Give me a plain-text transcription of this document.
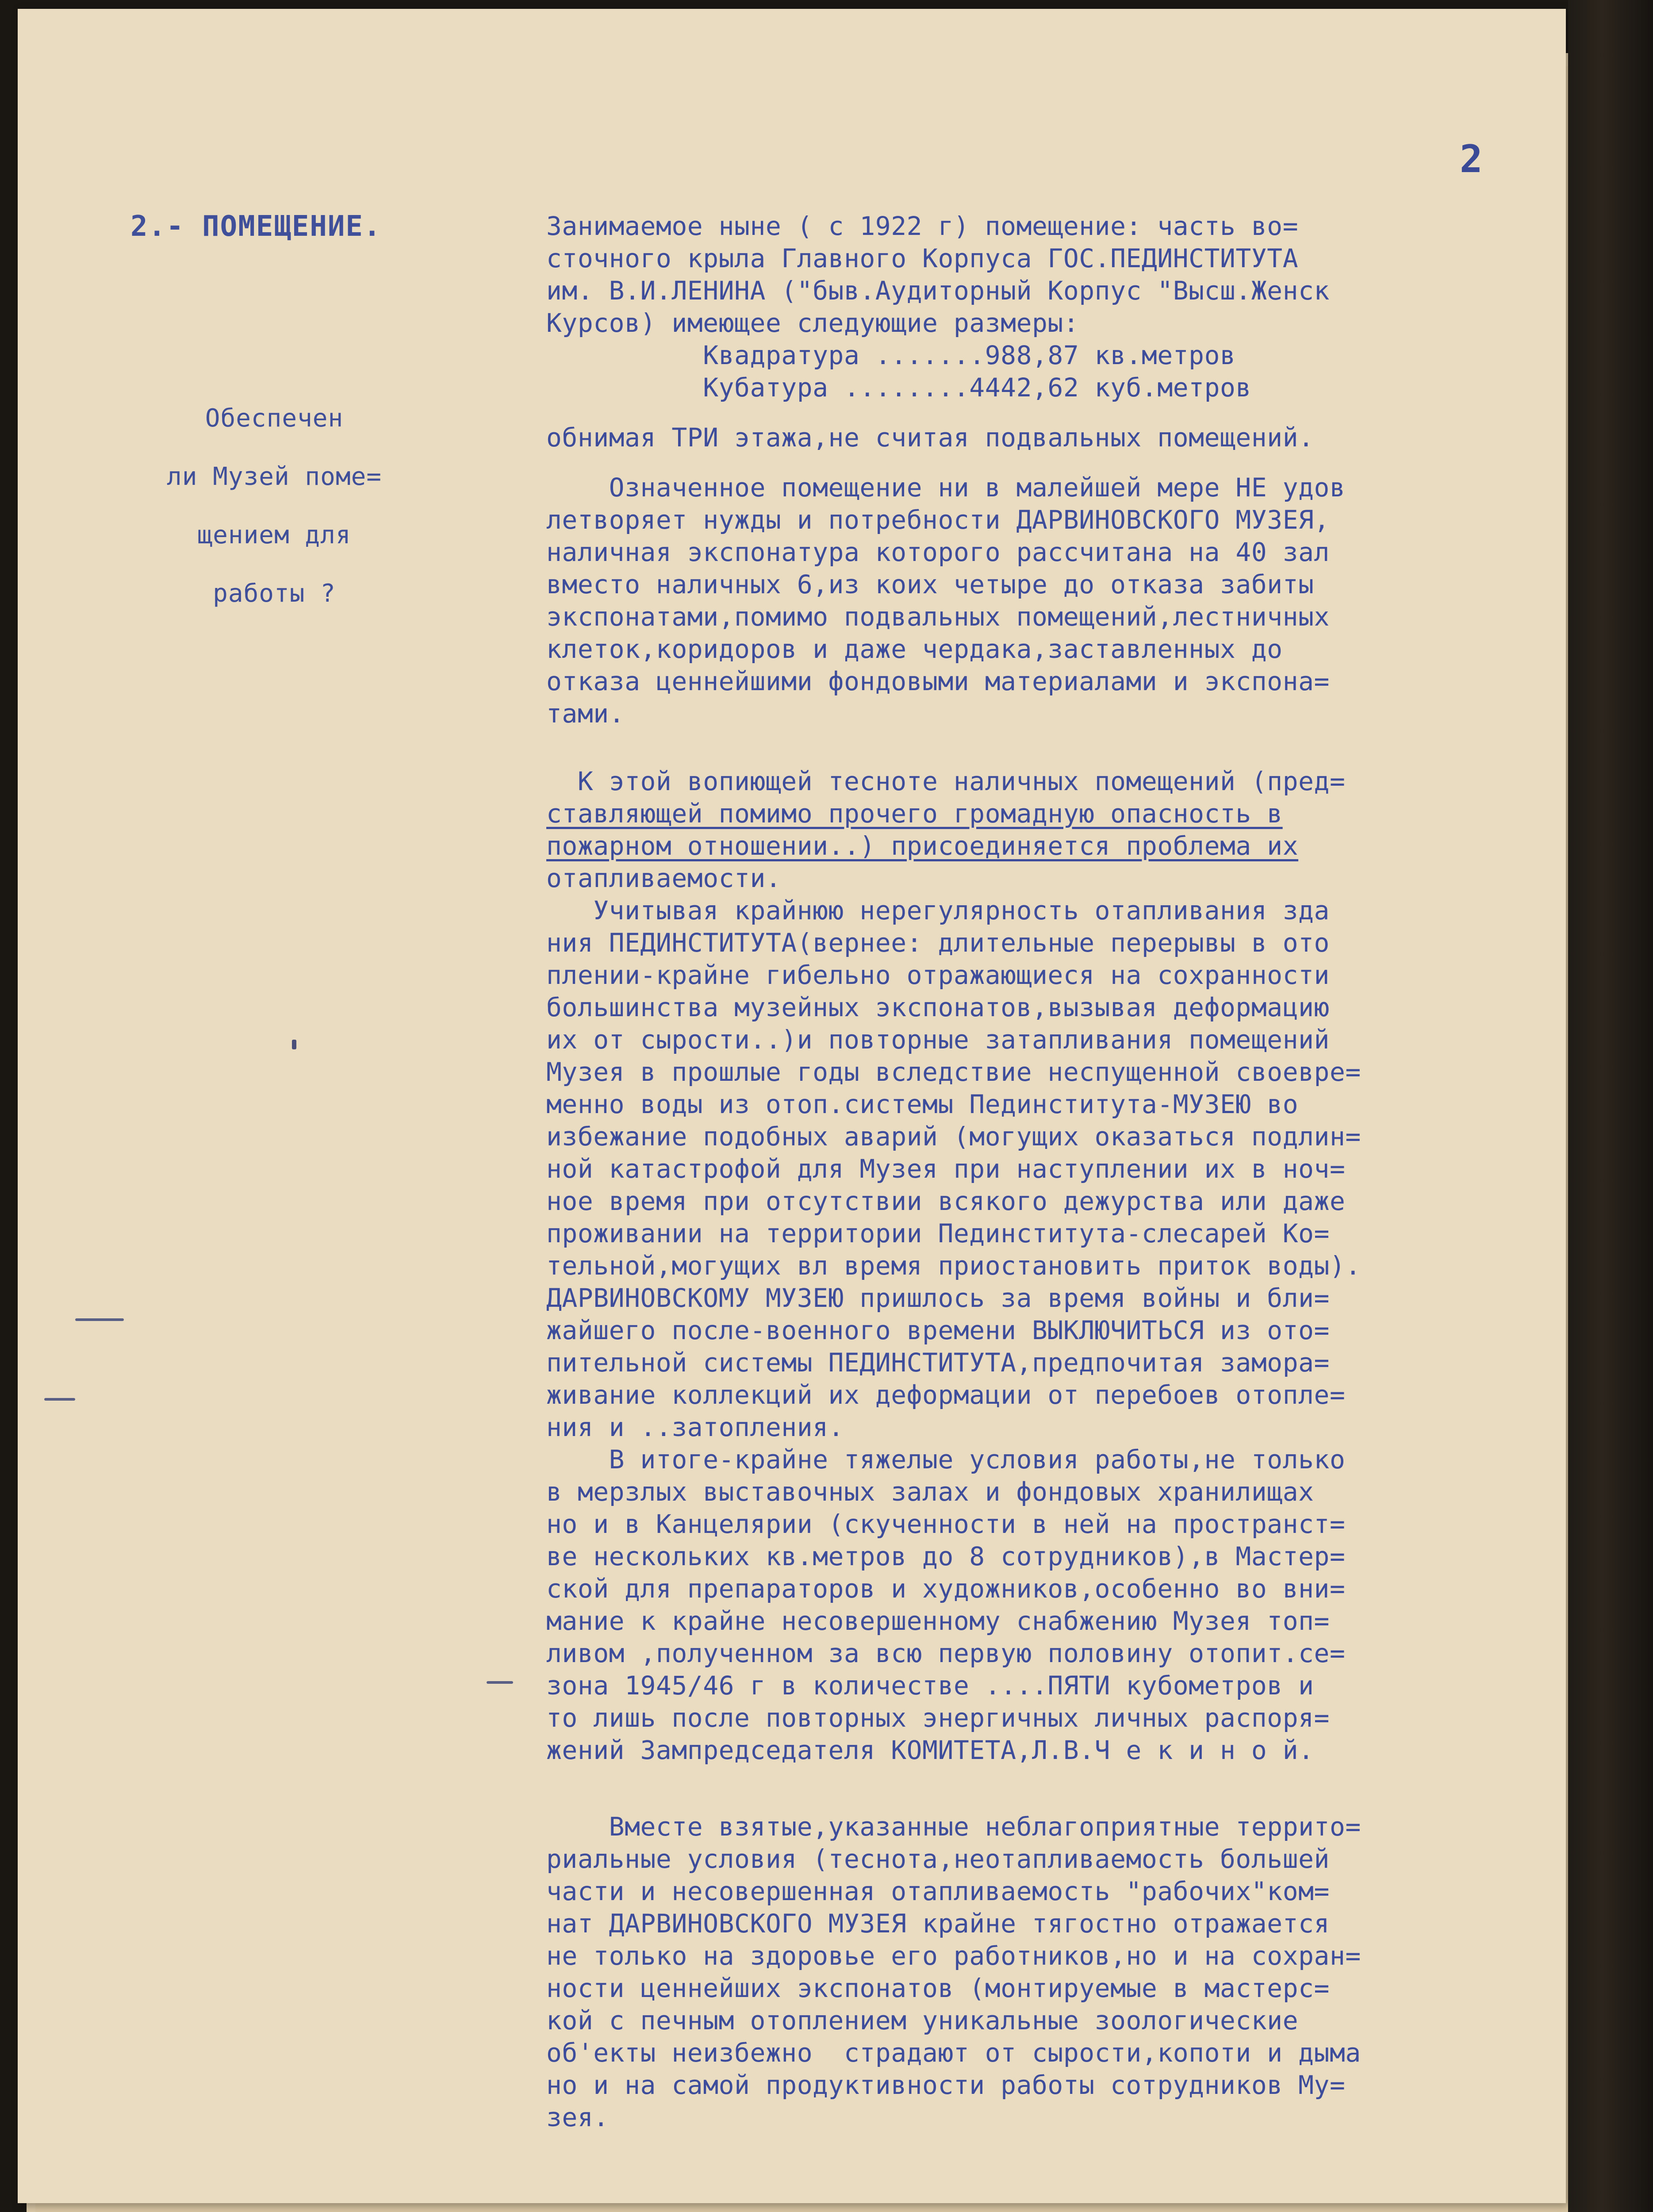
2
2.- ПОМЕЩЕНИЕ.
Обеспечен
ли Музей поме=
щением для
работы ?
Занимаемое ныне ( с 1922 г) помещение: часть во=
сточного крыла Главного Корпуса ГОС.ПЕДИНСТИТУТА
им. В.И.ЛЕНИНА ("быв.Аудиторный Корпус "Высш.Женск
Курсов) имеющее следующие размеры:
Квадратура .......988,87 кв.метров
Кубатура ........4442,62 куб.метров
обнимая ТРИ этажа,не считая подвальных помещений.
Означенное помещение ни в малейшей мере НЕ удов
летворяет нужды и потребности ДАРВИНОВСКОГО МУЗЕЯ,
наличная экспонатура которого рассчитана на 40 зал
вместо наличных 6,из коих четыре до отказа забиты
экспонатами,помимо подвальных помещений,лестничных
клеток,коридоров и даже чердака,заставленных до
отказа ценнейшими фондовыми материалами и экспона=
тами.
К этой вопиющей тесноте наличных помещений (пред=
ставляющей помимо прочего громадную опасность в
пожарном отношении..) присоединяется проблема их
отапливаемости.
Учитывая крайнюю нерегулярность отапливания зда
ния ПЕДИНСТИТУТА(вернее: длительные перерывы в ото
плении-крайне гибельно отражающиеся на сохранности
большинства музейных экспонатов,вызывая деформацию
их от сырости..)и повторные затапливания помещений
Музея в прошлые годы вследствие неспущенной своевре=
менно воды из отоп.системы Пединститута-МУЗЕЮ во
избежание подобных аварий (могущих оказаться подлин=
ной катастрофой для Музея при наступлении их в ноч=
ное время при отсутствии всякого дежурства или даже
проживании на территории Пединститута-слесарей Ко=
тельной,могущих вл время приостановить приток воды).
ДАРВИНОВСКОМУ МУЗЕЮ пришлось за время войны и бли=
жайшего после-военного времени ВЫКЛЮЧИТЬСЯ из ото=
пительной системы ПЕДИНСТИТУТА,предпочитая замора=
живание коллекций их деформации от перебоев отопле=
ния и ..затопления.
В итоге-крайне тяжелые условия работы,не только
в мерзлых выставочных залах и фондовых хранилищах
но и в Канцелярии (скученности в ней на пространст=
ве нескольких кв.метров до 8 сотрудников),в Мастер=
ской для препараторов и художников,особенно во вни=
мание к крайне несовершенному снабжению Музея топ=
ливом ,полученном за всю первую половину отопит.се=
зона 1945/46 г в количестве ....ПЯТИ кубометров и
то лишь после повторных энергичных личных распоря=
жений Зампредседателя КОМИТЕТА,Л.В.Ч е к и н о й.
Вместе взятые,указанные неблагоприятные террито=
риальные условия (теснота,неотапливаемость большей
части и несовершенная отапливаемость "рабочих"ком=
нат ДАРВИНОВСКОГО МУЗЕЯ крайне тягостно отражается
не только на здоровье его работников,но и на сохран=
ности ценнейших экспонатов (монтируемые в мастерс=
кой с печным отоплением уникальные зоологические
об'екты неизбежно  страдают от сырости,копоти и дыма
но и на самой продуктивности работы сотрудников Му=
зея.
